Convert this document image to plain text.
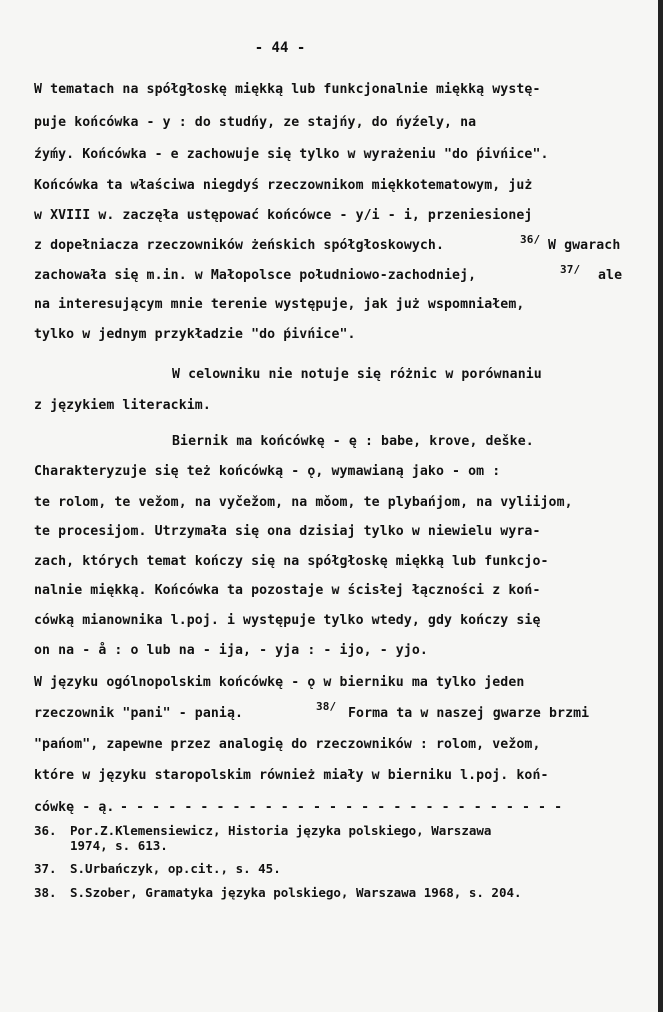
- 44 -
W tematach na spółgłoskę miękką lub funkcjonalnie miękką wystę-
puje końcówka - y : do studńy, ze stajńy, do ńyźely, na
źyḿy. Końcówka - e zachowuje się tylko w wyrażeniu "do ṕivńice".
Końcówka ta właściwa niegdyś rzeczownikom miękkotematowym, już
w XVIII w. zaczęła ustępować końcówce - y/i - i, przeniesionej
z dopełniacza rzeczowników żeńskich spółgłoskowych.	36/ W gwarach
zachowała się m.in. w Małopolsce południowo-zachodniej,	37/ ale
na interesującym mnie terenie występuje, jak już wspomniałem,
tylko w jednym przykładzie "do ṕivńice".
W celowniku nie notuje się różnic w porównaniu
z językiem literackim.
Biernik ma końcówkę - ę : babe, krove, deške.
Charakteryzuje się też końcówką - ǫ, wymawianą jako - om :
te rolom, te vežom, na vyčežom, na mǒom, te plybańjom, na vyliijom,
te procesijom. Utrzymała się ona dzisiaj tylko w niewielu wyra-
zach, których temat kończy się na spółgłoskę miękką lub funkcjo-
nalnie miękką. Końcówka ta pozostaje w ścisłej łączności z koń-
cówką mianownika l.poj. i występuje tylko wtedy, gdy kończy się
on na - å : o lub na - ija, - yja : - ijo, - yjo.
W języku ogólnopolskim końcówkę - ǫ w bierniku ma tylko jeden
rzeczownik "pani" - panią.	38/ Forma ta w naszej gwarze brzmi
"pańom", zapewne przez analogię do rzeczowników : rolom, vežom,
które w języku staropolskim również miały w bierniku l.poj. koń-
cówkę - ą. - - - - - - - - - - - - - - - - - - - - - - - - - - - -
36. Por.Z.Klemensiewicz, Historia języka polskiego, Warszawa
1974, s. 613.
37. S.Urbańczyk, op.cit., s. 45.
38. S.Szober, Gramatyka języka polskiego, Warszawa 1968, s. 204.
